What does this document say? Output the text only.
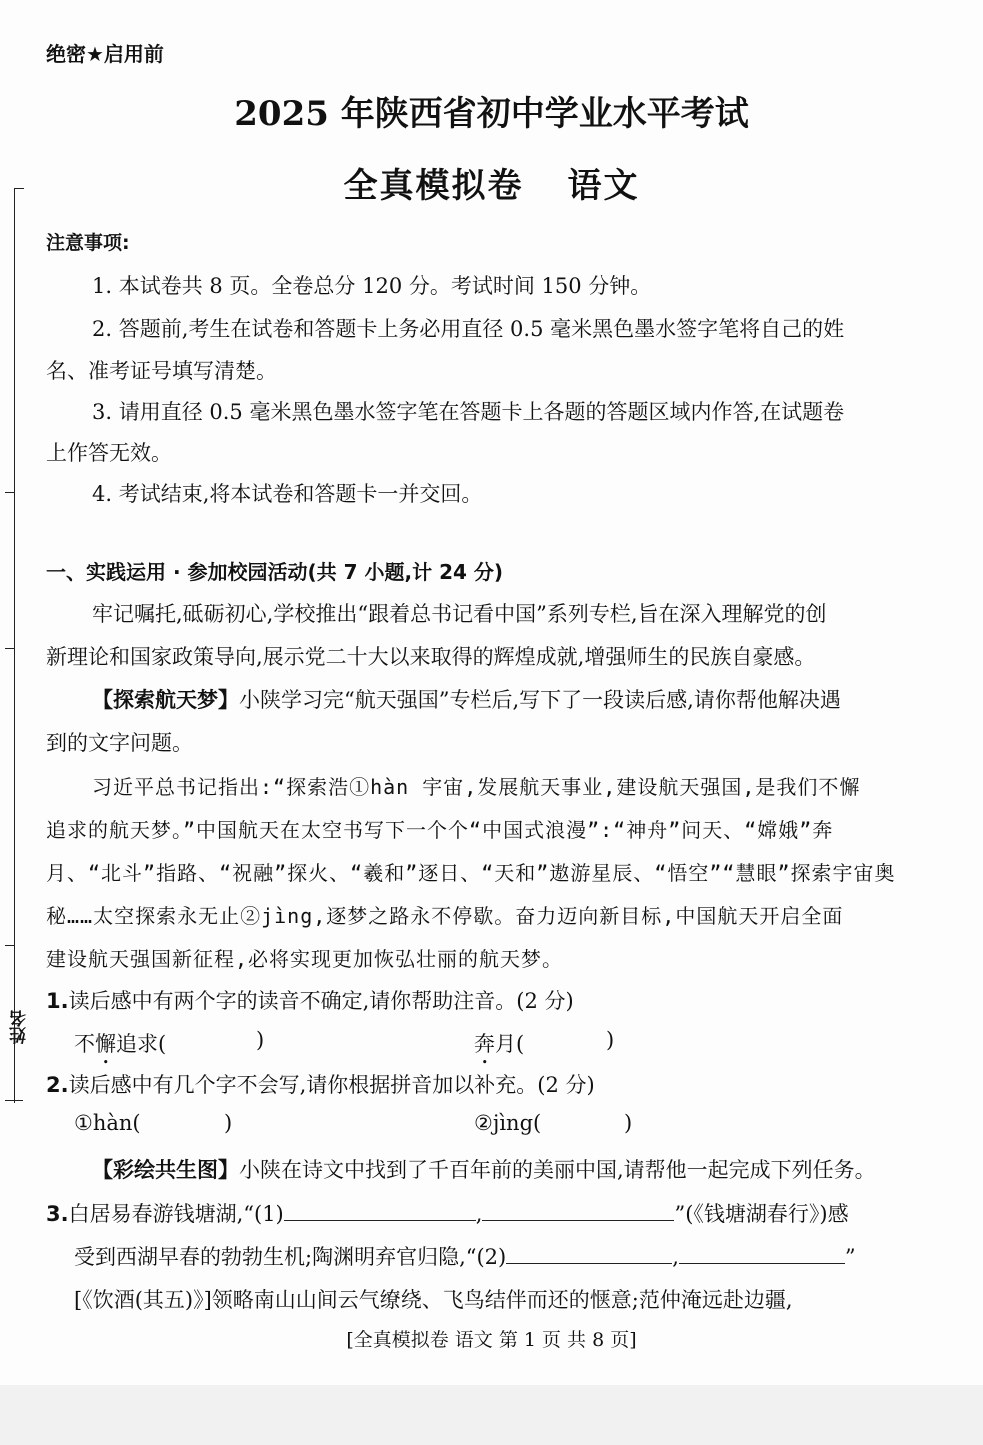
姓名
绝密★启用前
2025 年陕西省初中学业水平考试
全真模拟卷 语文
注意事项:
1. 本试卷共 8 页。全卷总分 120 分。考试时间 150 分钟。
2. 答题前,考生在试卷和答题卡上务必用直径 0.5 毫米黑色墨水签字笔将自己的姓
名、准考证号填写清楚。
3. 请用直径 0.5 毫米黑色墨水签字笔在答题卡上各题的答题区域内作答,在试题卷
上作答无效。
4. 考试结束,将本试卷和答题卡一并交回。
一、实践运用 · 参加校园活动(共 7 小题,计 24 分)
牢记嘱托,砥砺初心,学校推出“跟着总书记看中国”系列专栏,旨在深入理解党的创
新理论和国家政策导向,展示党二十大以来取得的辉煌成就,增强师生的民族自豪感。
【探索航天梦】小陕学习完“航天强国”专栏后,写下了一段读后感,请你帮他解决遇
到的文字问题。
习近平总书记指出:“探索浩①hàn 宇宙,发展航天事业,建设航天强国,是我们不懈
追求的航天梦。”中国航天在太空书写下一个个“中国式浪漫”:“神舟”问天、“嫦娥”奔
月、“北斗”指路、“祝融”探火、“羲和”逐日、“天和”遨游星辰、“悟空”“慧眼”探索宇宙奥
秘……太空探索永无止②jìng,逐梦之路永不停歇。奋力迈向新目标,中国航天开启全面
建设航天强国新征程,必将实现更加恢弘壮丽的航天梦。
1.读后感中有两个字的读音不确定,请你帮助注音。(2 分)
不懈追求(	)	奔月(	)
2.读后感中有几个字不会写,请你根据拼音加以补充。(2 分)
①hàn(	)	②jìng(	)
【彩绘共生图】小陕在诗文中找到了千百年前的美丽中国,请帮他一起完成下列任务。
3.白居易春游钱塘湖,“(1)	,	”(《钱塘湖春行》)感
受到西湖早春的勃勃生机;陶渊明弃官归隐,“(2)	,	”
[《饮酒(其五)》]领略南山山间云气缭绕、飞鸟结伴而还的惬意;范仲淹远赴边疆,
[全真模拟卷 语文 第 1 页 共 8 页]
